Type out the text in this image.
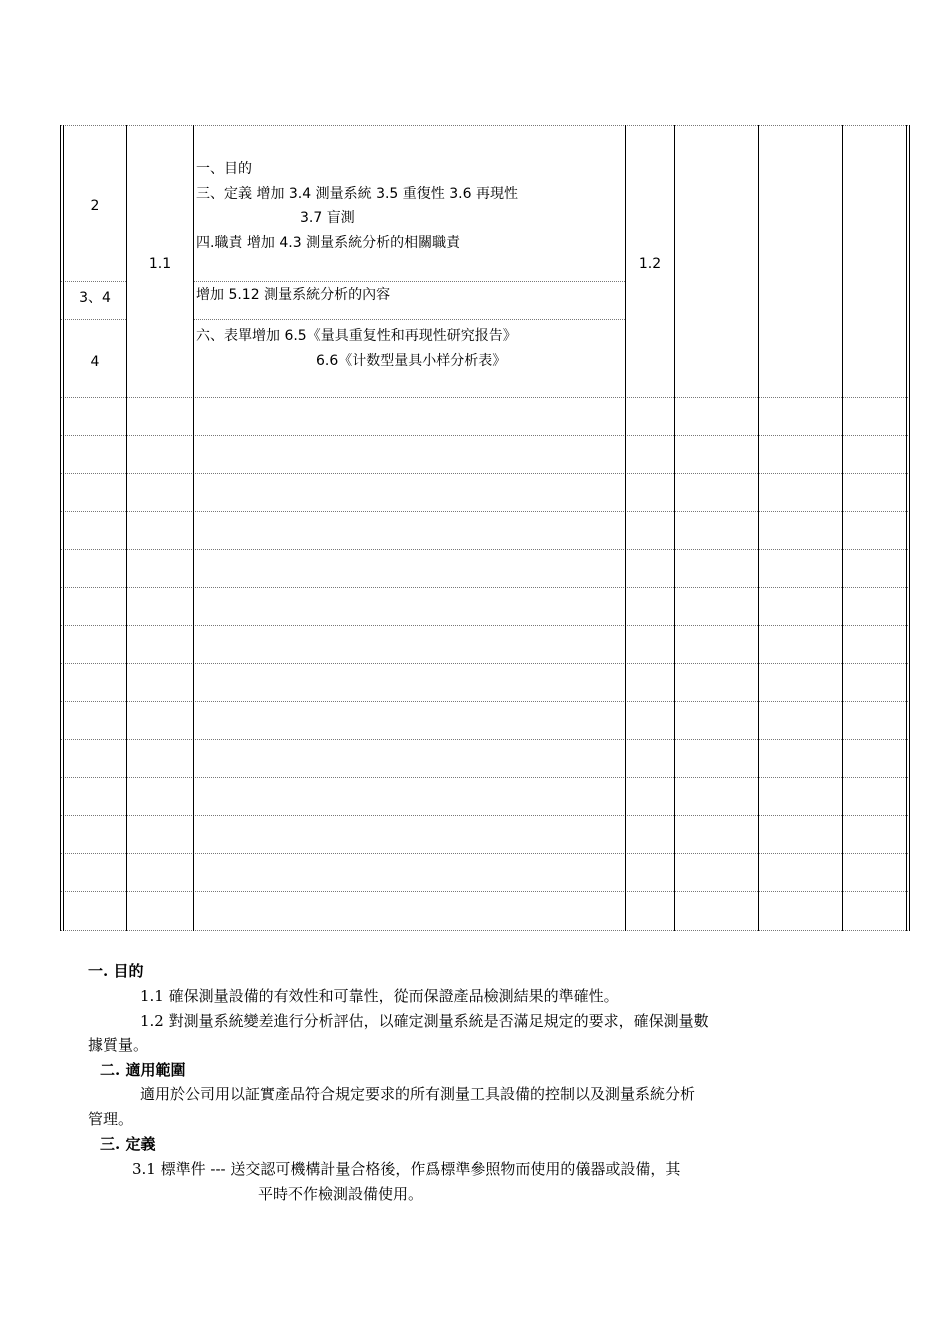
2
3、4
4
1.1	1.2
一、目的
三、定義 增加 3.4 測量系統 3.5 重復性 3.6 再現性
3.7 盲測
四.職責 增加 4.3 測量系統分析的相關職責
增加 5.12 測量系統分析的內容
六、表單增加 6.5《量具重复性和再现性研究报告》
6.6《计数型量具小样分析表》
一. 目的
1.1 確保測量設備的有效性和可靠性，從而保證產品檢測結果的準確性。
1.2 對測量系統變差進行分析評估，以確定測量系統是否滿足規定的要求，確保測量數
據質量。
二. 適用範圍
適用於公司用以証實產品符合規定要求的所有測量工具設備的控制以及測量系統分析
管理。
三. 定義
3.1 標準件 --- 送交認可機構計量合格後，作爲標準參照物而使用的儀器或設備，其
平時不作檢測設備使用。
